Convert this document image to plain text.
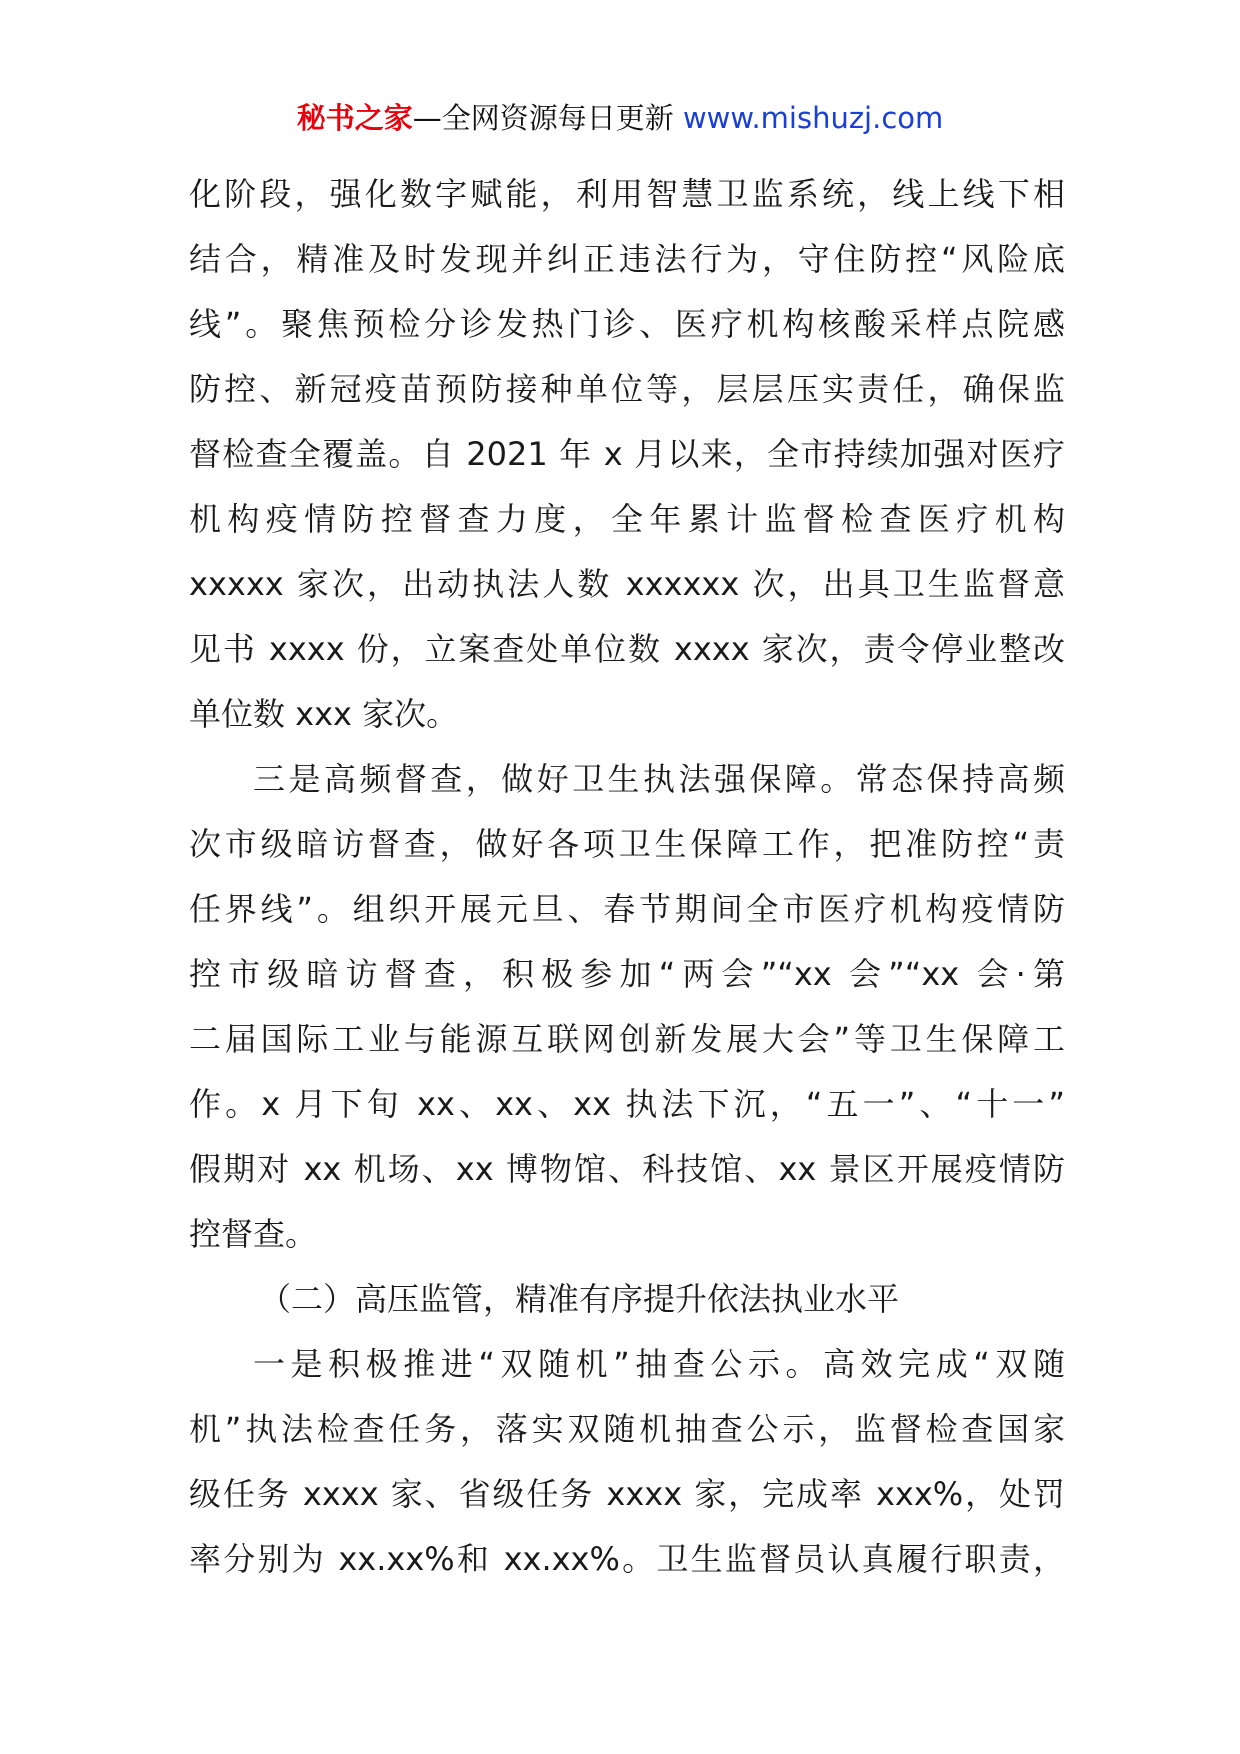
秘书之家—全网资源每日更新 www.mishuzj.com
化阶段，强化数字赋能，利用智慧卫监系统，线上线下相
结合，精准及时发现并纠正违法行为，守住防控“风险底
线”。聚焦预检分诊发热门诊、医疗机构核酸采样点院感
防控、新冠疫苗预防接种单位等，层层压实责任，确保监
督检查全覆盖。自 2021 年 x 月以来，全市持续加强对医疗
机构疫情防控督查力度，全年累计监督检查医疗机构
xxxxx 家次，出动执法人数 xxxxxx 次，出具卫生监督意
见书 xxxx 份，立案查处单位数 xxxx 家次，责令停业整改
单位数 xxx 家次。
三是高频督查，做好卫生执法强保障。常态保持高频
次市级暗访督查，做好各项卫生保障工作，把准防控“责
任界线”。组织开展元旦、春节期间全市医疗机构疫情防
控市级暗访督查，积极参加“两会”“xx 会”“xx 会·第
二届国际工业与能源互联网创新发展大会”等卫生保障工
作。x 月下旬 xx、xx、xx 执法下沉，“五一”、“十一”
假期对 xx 机场、xx 博物馆、科技馆、xx 景区开展疫情防
控督查。
（二）高压监管，精准有序提升依法执业水平
一是积极推进“双随机”抽查公示。高效完成“双随
机”执法检查任务，落实双随机抽查公示，监督检查国家
级任务 xxxx 家、省级任务 xxxx 家，完成率 xxx%，处罚
率分别为 xx.xx%和 xx.xx%。卫生监督员认真履行职责，
